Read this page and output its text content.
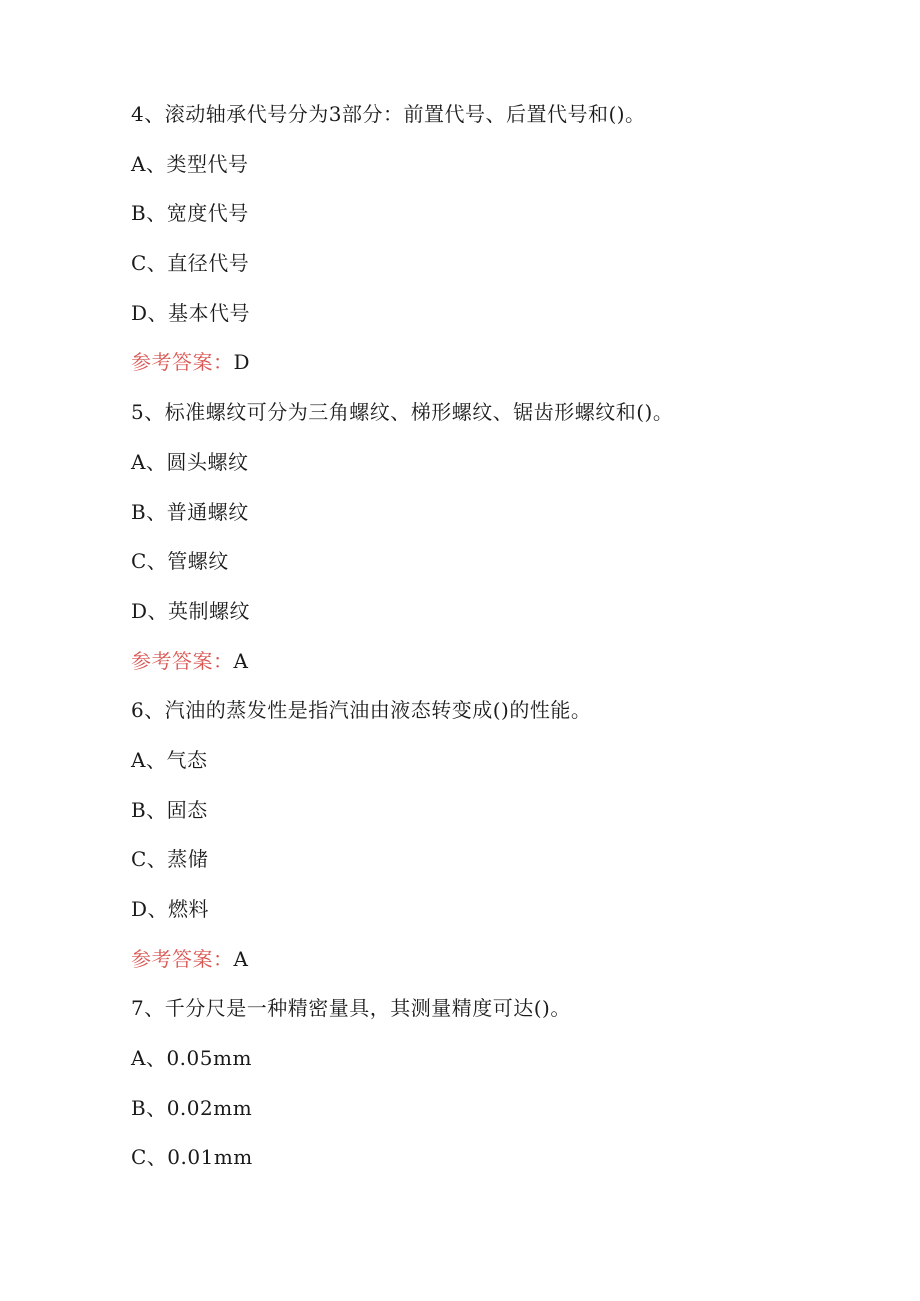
4、滚动轴承代号分为3部分：前置代号、后置代号和()。
A、类型代号
B、宽度代号
C、直径代号
D、基本代号
参考答案：D
5、标准螺纹可分为三角螺纹、梯形螺纹、锯齿形螺纹和()。
A、圆头螺纹
B、普通螺纹
C、管螺纹
D、英制螺纹
参考答案：A
6、汽油的蒸发性是指汽油由液态转变成()的性能。
A、气态
B、固态
C、蒸储
D、燃料
参考答案：A
7、千分尺是一种精密量具，其测量精度可达()。
A、0.05mm
B、0.02mm
C、0.01mm
